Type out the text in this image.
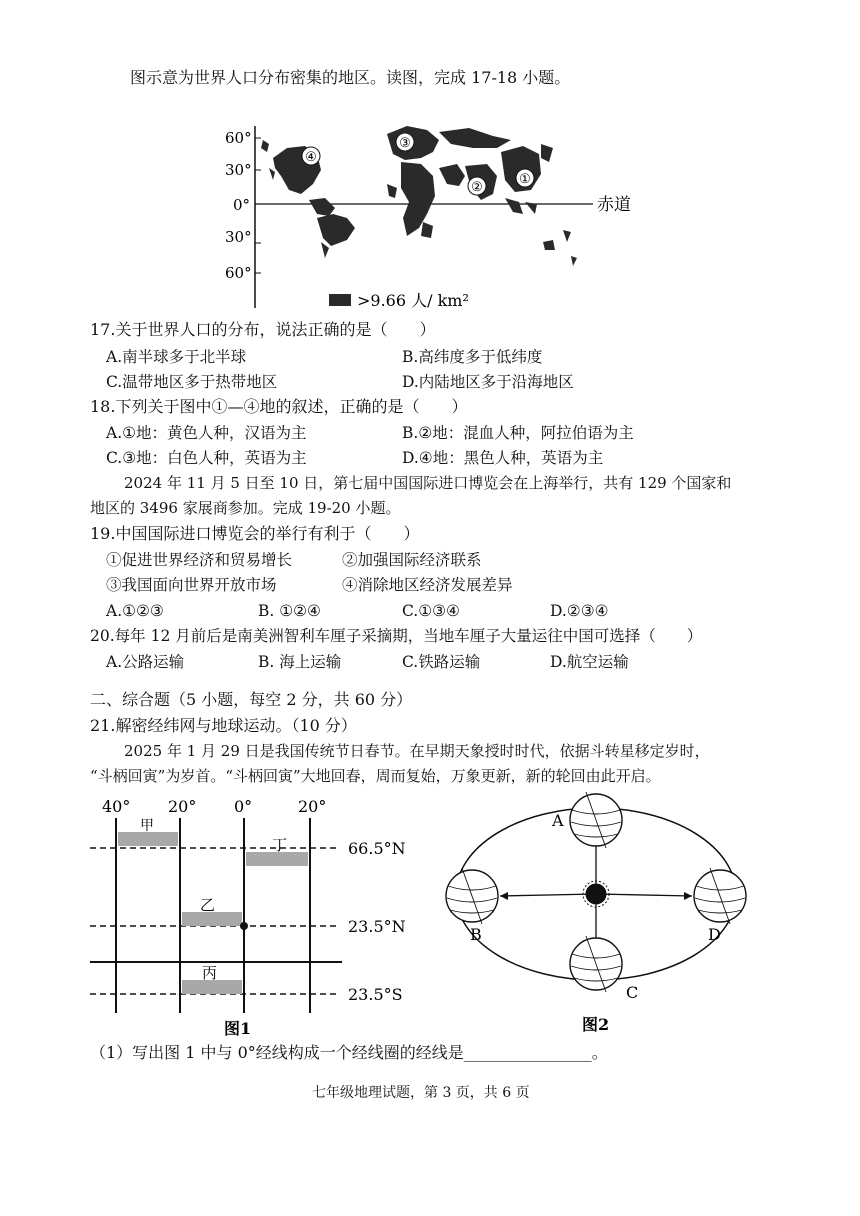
图示意为世界人口分布密集的地区。读图，完成 17-18 小题。
60°
30°
0°
30°
60°
赤道
①
②
③
④
>9.66 人/ km²
17.关于世界人口的分布，说法正确的是（　　）
A.南半球多于北半球	B.高纬度多于低纬度
C.温带地区多于热带地区	D.内陆地区多于沿海地区
18.下列关于图中①—④地的叙述，正确的是（　　）
A.①地：黄色人种，汉语为主	B.②地：混血人种，阿拉伯语为主
C.③地：白色人种，英语为主	D.④地：黑色人种，英语为主
2024 年 11 月 5 日至 10 日，第七届中国国际进口博览会在上海举行，共有 129 个国家和
地区的 3496 家展商参加。完成 19-20 小题。
19.中国国际进口博览会的举行有利于（　　）
①促进世界经济和贸易增长	②加强国际经济联系
③我国面向世界开放市场	④消除地区经济发展差异
A.①②③	B. ①②④	C.①③④	D.②③④
20.每年 12 月前后是南美洲智利车厘子采摘期，当地车厘子大量运往中国可选择（　　）
A.公路运输	B. 海上运输	C.铁路运输	D.航空运输
二、综合题（5 小题，每空 2 分，共 60 分）
21.解密经纬网与地球运动。（10 分）
2025 年 1 月 29 日是我国传统节日春节。在早期天象授时时代，依据斗转星移定岁时，
“斗柄回寅”为岁首。“斗柄回寅”大地回春，周而复始，万象更新，新的轮回由此开启。
40° 20° 0°	20°
66.5°N
23.5°N
23.5°S
甲
乙
丙
丁
图1
A
B
C
D
图2
（1）写出图 1 中与 0°经线构成一个经线圈的经线是________________。
七年级地理试题，第 3 页，共 6 页
